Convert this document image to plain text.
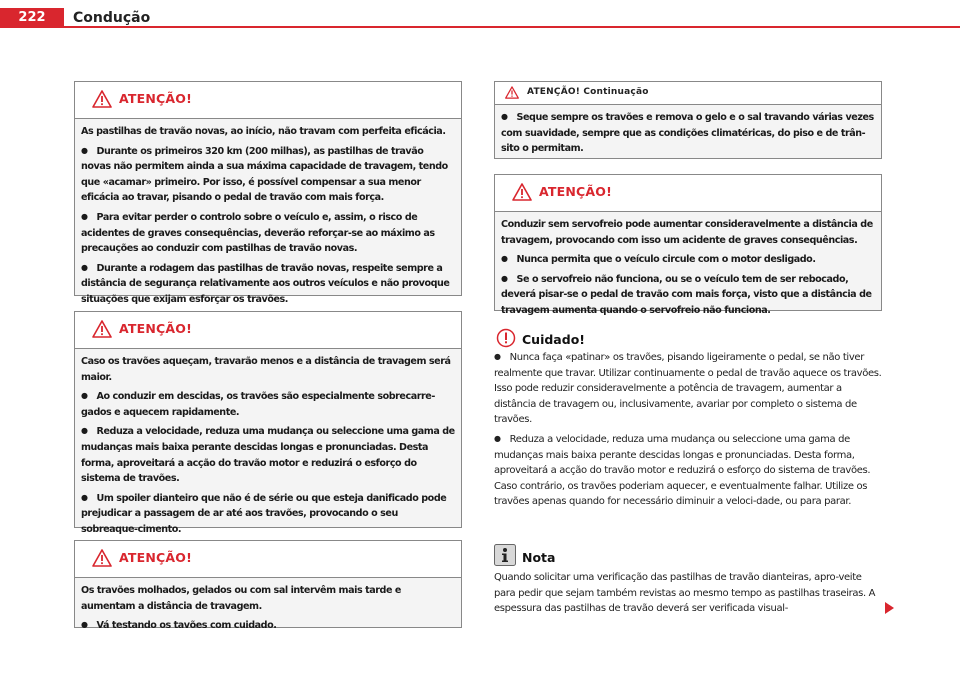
222	Condução
ATENÇÃO!

As pastilhas de travão novas, ao início, não travam com perfeita eficácia.

● Durante os primeiros 320 km (200 milhas), as pastilhas de travão novas não permitem ainda a sua máxima capacidade de travagem, tendo que «acamar» primeiro. Por isso, é possível compensar a sua menor eficácia ao travar, pisando o pedal de travão com mais força.

● Para evitar perder o controlo sobre o veículo e, assim, o risco de acidentes de graves consequências, deverão reforçar-se ao máximo as precauções ao conduzir com pastilhas de travão novas.

● Durante a rodagem das pastilhas de travão novas, respeite sempre a distância de segurança relativamente aos outros veículos e não provoque situações que exijam esforçar os travões.

ATENÇÃO!

Caso os travões aqueçam, travarão menos e a distância de travagem será maior.

● Ao conduzir em descidas, os travões são especialmente sobrecarre-gados e aquecem rapidamente.

● Reduza a velocidade, reduza uma mudança ou seleccione uma gama de mudanças mais baixa perante descidas longas e pronunciadas. Desta forma, aproveitará a acção do travão motor e reduzirá o esforço do sistema de travões.

● Um spoiler dianteiro que não é de série ou que esteja danificado pode prejudicar a passagem de ar até aos travões, provocando o seu sobreaque-cimento.

ATENÇÃO!

Os travões molhados, gelados ou com sal intervêm mais tarde e aumentam a distância de travagem.

● Vá testando os tavões com cuidado.

ATENÇÃO! Continuação

● Seque sempre os travões e remova o gelo e o sal travando várias vezes com suavidade, sempre que as condições climatéricas, do piso e de trân-sito o permitam.

ATENÇÃO!

Conduzir sem servofreio pode aumentar consideravelmente a distância de travagem, provocando com isso um acidente de graves consequências.

● Nunca permita que o veículo circule com o motor desligado.

● Se o servofreio não funciona, ou se o veículo tem de ser rebocado, deverá pisar-se o pedal de travão com mais força, visto que a distância de travagem aumenta quando o servofreio não funciona.

Cuidado!

● Nunca faça «patinar» os travões, pisando ligeiramente o pedal, se não tiver realmente que travar. Utilizar continuamente o pedal de travão aquece os travões. Isso pode reduzir consideravelmente a potência de travagem, aumentar a distância de travagem ou, inclusivamente, avariar por completo o sistema de travões.

● Reduza a velocidade, reduza uma mudança ou seleccione uma gama de mudanças mais baixa perante descidas longas e pronunciadas. Desta forma, aproveitará a acção do travão motor e reduzirá o esforço do sistema de travões. Caso contrário, os travões poderiam aquecer, e eventualmente falhar. Utilize os travões apenas quando for necessário diminuir a veloci-dade, ou para parar.

Nota

Quando solicitar uma verificação das pastilhas de travão dianteiras, apro-veite para pedir que sejam também revistas ao mesmo tempo as pastilhas traseiras. A espessura das pastilhas de travão deverá ser verificada visual-
